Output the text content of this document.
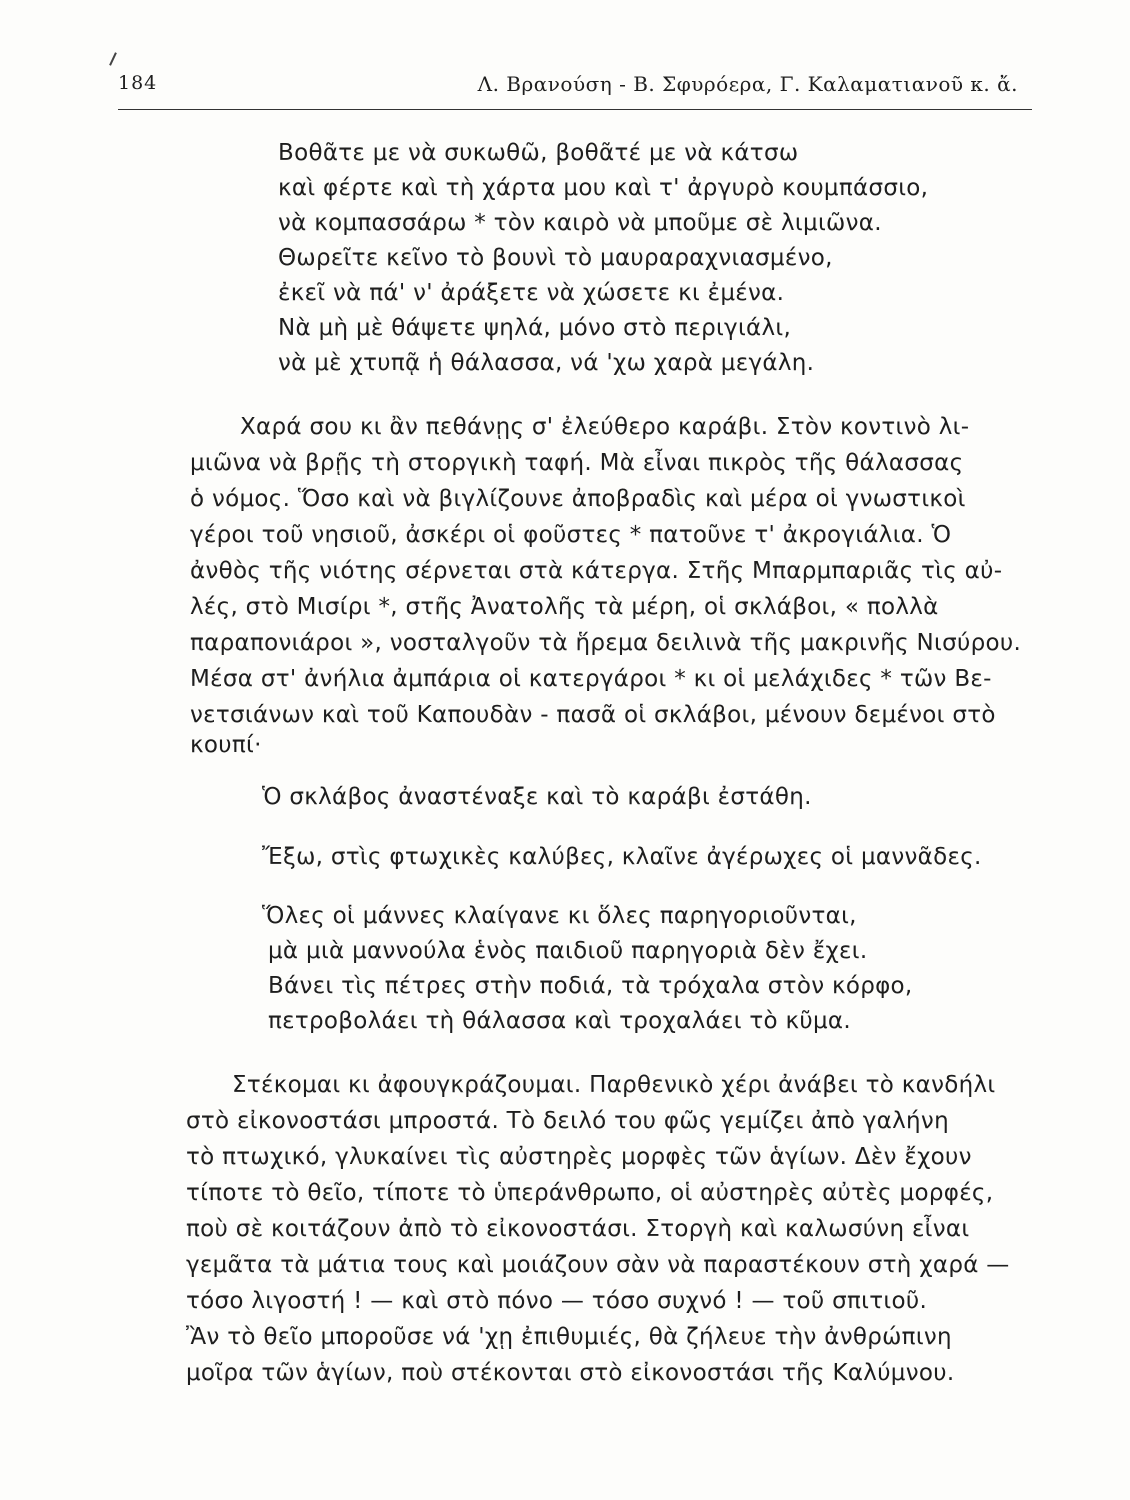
184	Λ. Βρανούση - Β. Σφυρόερα, Γ. Καλαματιανοῦ κ. ἄ.
Βοθᾶτε με νὰ συκωθῶ, βοθᾶτέ με νὰ κάτσω
καὶ φέρτε καὶ τὴ χάρτα μου καὶ τ' ἀργυρὸ κουμπάσσιο,
νὰ κομπασσάρω * τὸν καιρὸ νὰ μποῦμε σὲ λιμιῶνα.
Θωρεῖτε κεῖνο τὸ βουνὶ τὸ μαυραραχνιασμένο,
ἐκεῖ νὰ πά' ν' ἀράξετε νὰ χώσετε κι ἐμένα.
Νὰ μὴ μὲ θάψετε ψηλά, μόνο στὸ περιγιάλι,
νὰ μὲ χτυπᾷ ἡ θάλασσα, νά 'χω χαρὰ μεγάλη.
Χαρά σου κι ἂν πεθάνῃς σ' ἐλεύθερο καράβι. Στὸν κοντινὸ λι-
μιῶνα νὰ βρῇς τὴ στοργικὴ ταφή. Μὰ εἶναι πικρὸς τῆς θάλασσας
ὁ νόμος. Ὅσο καὶ νὰ βιγλίζουνε ἀποβραδὶς καὶ μέρα οἱ γνωστικοὶ
γέροι τοῦ νησιοῦ, ἀσκέρι οἱ φοῦστες * πατοῦνε τ' ἀκρογιάλια. Ὁ
ἀνθὸς τῆς νιότης σέρνεται στὰ κάτεργα. Στῆς Μπαρμπαριᾶς τὶς αὐ-
λές, στὸ Μισίρι *, στῆς Ἀνατολῆς τὰ μέρη, οἱ σκλάβοι, « πολλὰ
παραπονιάροι », νοσταλγοῦν τὰ ἥρεμα δειλινὰ τῆς μακρινῆς Νισύρου.
Μέσα στ' ἀνήλια ἀμπάρια οἱ κατεργάροι * κι οἱ μελάχιδες * τῶν Βε-
νετσιάνων καὶ τοῦ Καπουδὰν - πασᾶ οἱ σκλάβοι, μένουν δεμένοι στὸ
κουπί·
Ὁ σκλάβος ἀναστέναξε καὶ τὸ καράβι ἐστάθη.
Ἔξω, στὶς φτωχικὲς καλύβες, κλαῖνε ἀγέρωχες οἱ μαννᾶδες.
Ὅλες οἱ μάννες κλαίγανε κι ὅλες παρηγοριοῦνται,
μὰ μιὰ μαννούλα ἑνὸς παιδιοῦ παρηγοριὰ δὲν ἔχει.
Βάνει τὶς πέτρες στὴν ποδιά, τὰ τρόχαλα στὸν κόρφο,
πετροβολάει τὴ θάλασσα καὶ τροχαλάει τὸ κῦμα.
Στέκομαι κι ἀφουγκράζουμαι. Παρθενικὸ χέρι ἀνάβει τὸ κανδήλι
στὸ εἰκονοστάσι μπροστά. Τὸ δειλό του φῶς γεμίζει ἀπὸ γαλήνη
τὸ πτωχικό, γλυκαίνει τὶς αὐστηρὲς μορφὲς τῶν ἁγίων. Δὲν ἔχουν
τίποτε τὸ θεῖο, τίποτε τὸ ὑπεράνθρωπο, οἱ αὐστηρὲς αὐτὲς μορφές,
ποὺ σὲ κοιτάζουν ἀπὸ τὸ εἰκονοστάσι. Στοργὴ καὶ καλωσύνη εἶναι
γεμᾶτα τὰ μάτια τους καὶ μοιάζουν σὰν νὰ παραστέκουν στὴ χαρά —
τόσο λιγοστή ! — καὶ στὸ πόνο — τόσο συχνό ! — τοῦ σπιτιοῦ.
Ἂν τὸ θεῖο μποροῦσε νά 'χῃ ἐπιθυμιές, θὰ ζήλευε τὴν ἀνθρώπινη
μοῖρα τῶν ἁγίων, ποὺ στέκονται στὸ εἰκονοστάσι τῆς Καλύμνου.
